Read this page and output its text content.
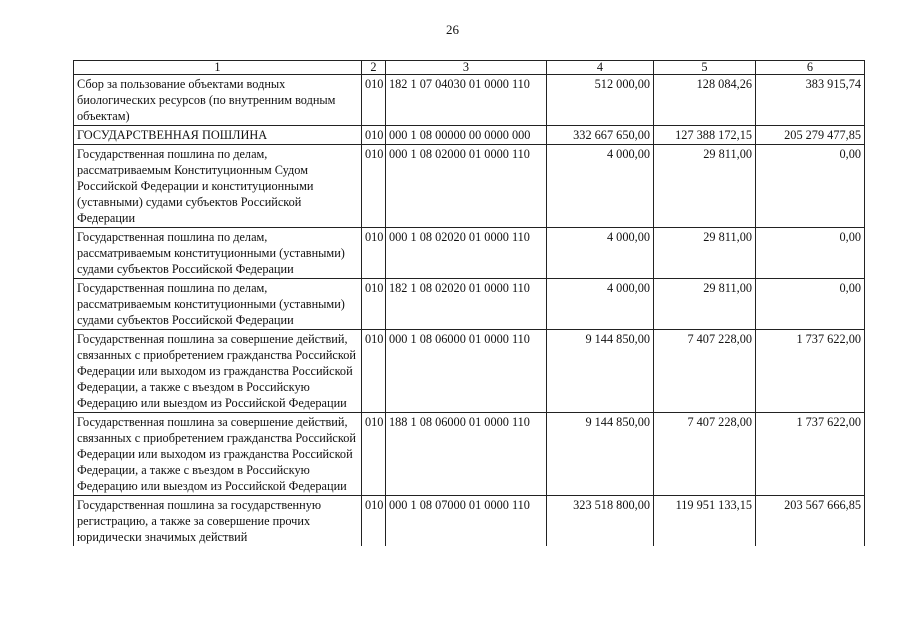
26
1	2	3	4	5	6
Сбор за пользование объектами водных биологических ресурсов (по внутренним водным объектам)	010	182 1 07 04030 01 0000 110	512 000,00	128 084,26	383 915,74
ГОСУДАРСТВЕННАЯ ПОШЛИНА	010	000 1 08 00000 00 0000 000	332 667 650,00	127 388 172,15	205 279 477,85
Государственная пошлина по делам, рассматриваемым Конституционным Судом Российской Федерации и конституционными (уставными) судами субъектов Российской Федерации	010	000 1 08 02000 01 0000 110	4 000,00	29 811,00	0,00
Государственная пошлина по делам, рассматриваемым конституционными (уставными) судами субъектов Российской Федерации	010	000 1 08 02020 01 0000 110	4 000,00	29 811,00	0,00
Государственная пошлина по делам, рассматриваемым конституционными (уставными) судами субъектов Российской Федерации	010	182 1 08 02020 01 0000 110	4 000,00	29 811,00	0,00
Государственная пошлина за совершение действий, связанных с приобретением гражданства Российской Федерации или выходом из гражданства Российской Федерации, а также с въездом в Российскую Федерацию или выездом из Российской Федерации	010	000 1 08 06000 01 0000 110	9 144 850,00	7 407 228,00	1 737 622,00
Государственная пошлина за совершение действий, связанных с приобретением гражданства Российской Федерации или выходом из гражданства Российской Федерации, а также с въездом в Российскую Федерацию или выездом из Российской Федерации	010	188 1 08 06000 01 0000 110	9 144 850,00	7 407 228,00	1 737 622,00
Государственная пошлина за государственную регистрацию, а также за совершение прочих юридически значимых действий	010	000 1 08 07000 01 0000 110	323 518 800,00	119 951 133,15	203 567 666,85
